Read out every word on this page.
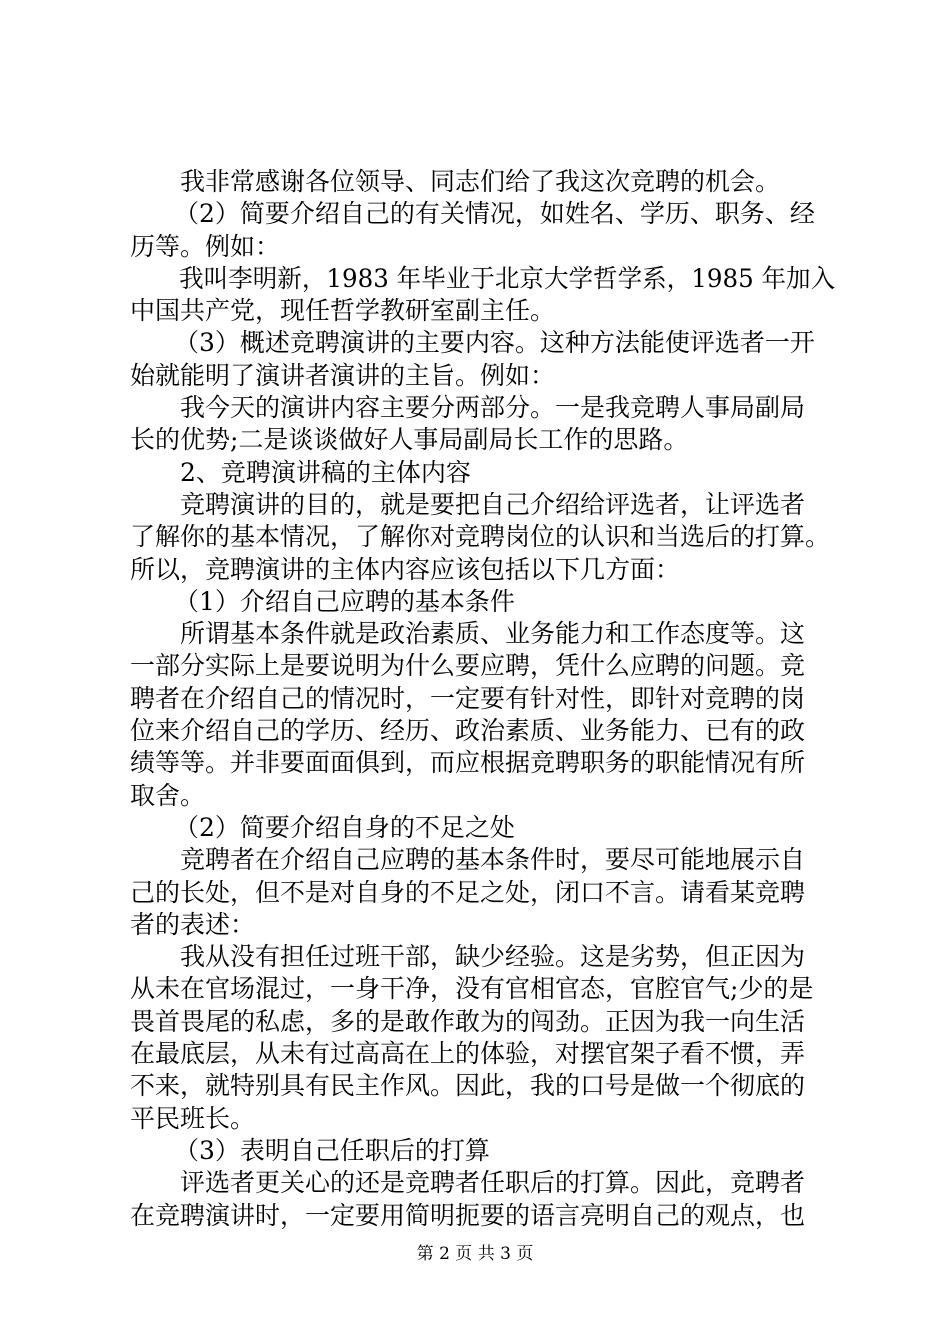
我非常感谢各位领导、同志们给了我这次竞聘的机会。
（2）简要介绍自己的有关情况，如姓名、学历、职务、经
历等。例如：
我叫李明新，1983 年毕业于北京大学哲学系，1985 年加入
中国共产党，现任哲学教研室副主任。
（3）概述竞聘演讲的主要内容。这种方法能使评选者一开
始就能明了演讲者演讲的主旨。例如：
我今天的演讲内容主要分两部分。一是我竞聘人事局副局
长的优势;二是谈谈做好人事局副局长工作的思路。
2、竞聘演讲稿的主体内容
竞聘演讲的目的，就是要把自己介绍给评选者，让评选者
了解你的基本情况，了解你对竞聘岗位的认识和当选后的打算。
所以，竞聘演讲的主体内容应该包括以下几方面：
（1）介绍自己应聘的基本条件
所谓基本条件就是政治素质、业务能力和工作态度等。这
一部分实际上是要说明为什么要应聘，凭什么应聘的问题。竞
聘者在介绍自己的情况时，一定要有针对性，即针对竞聘的岗
位来介绍自己的学历、经历、政治素质、业务能力、已有的政
绩等等。并非要面面俱到，而应根据竞聘职务的职能情况有所
取舍。
（2）简要介绍自身的不足之处
竞聘者在介绍自己应聘的基本条件时，要尽可能地展示自
己的长处，但不是对自身的不足之处，闭口不言。请看某竞聘
者的表述：
我从没有担任过班干部，缺少经验。这是劣势，但正因为
从未在官场混过，一身干净，没有官相官态，官腔官气;少的是
畏首畏尾的私虑，多的是敢作敢为的闯劲。正因为我一向生活
在最底层，从未有过高高在上的体验，对摆官架子看不惯，弄
不来，就特别具有民主作风。因此，我的口号是做一个彻底的
平民班长。
（3）表明自己任职后的打算
评选者更关心的还是竞聘者任职后的打算。因此，竞聘者
在竞聘演讲时，一定要用简明扼要的语言亮明自己的观点，也
第 2 页 共 3 页
